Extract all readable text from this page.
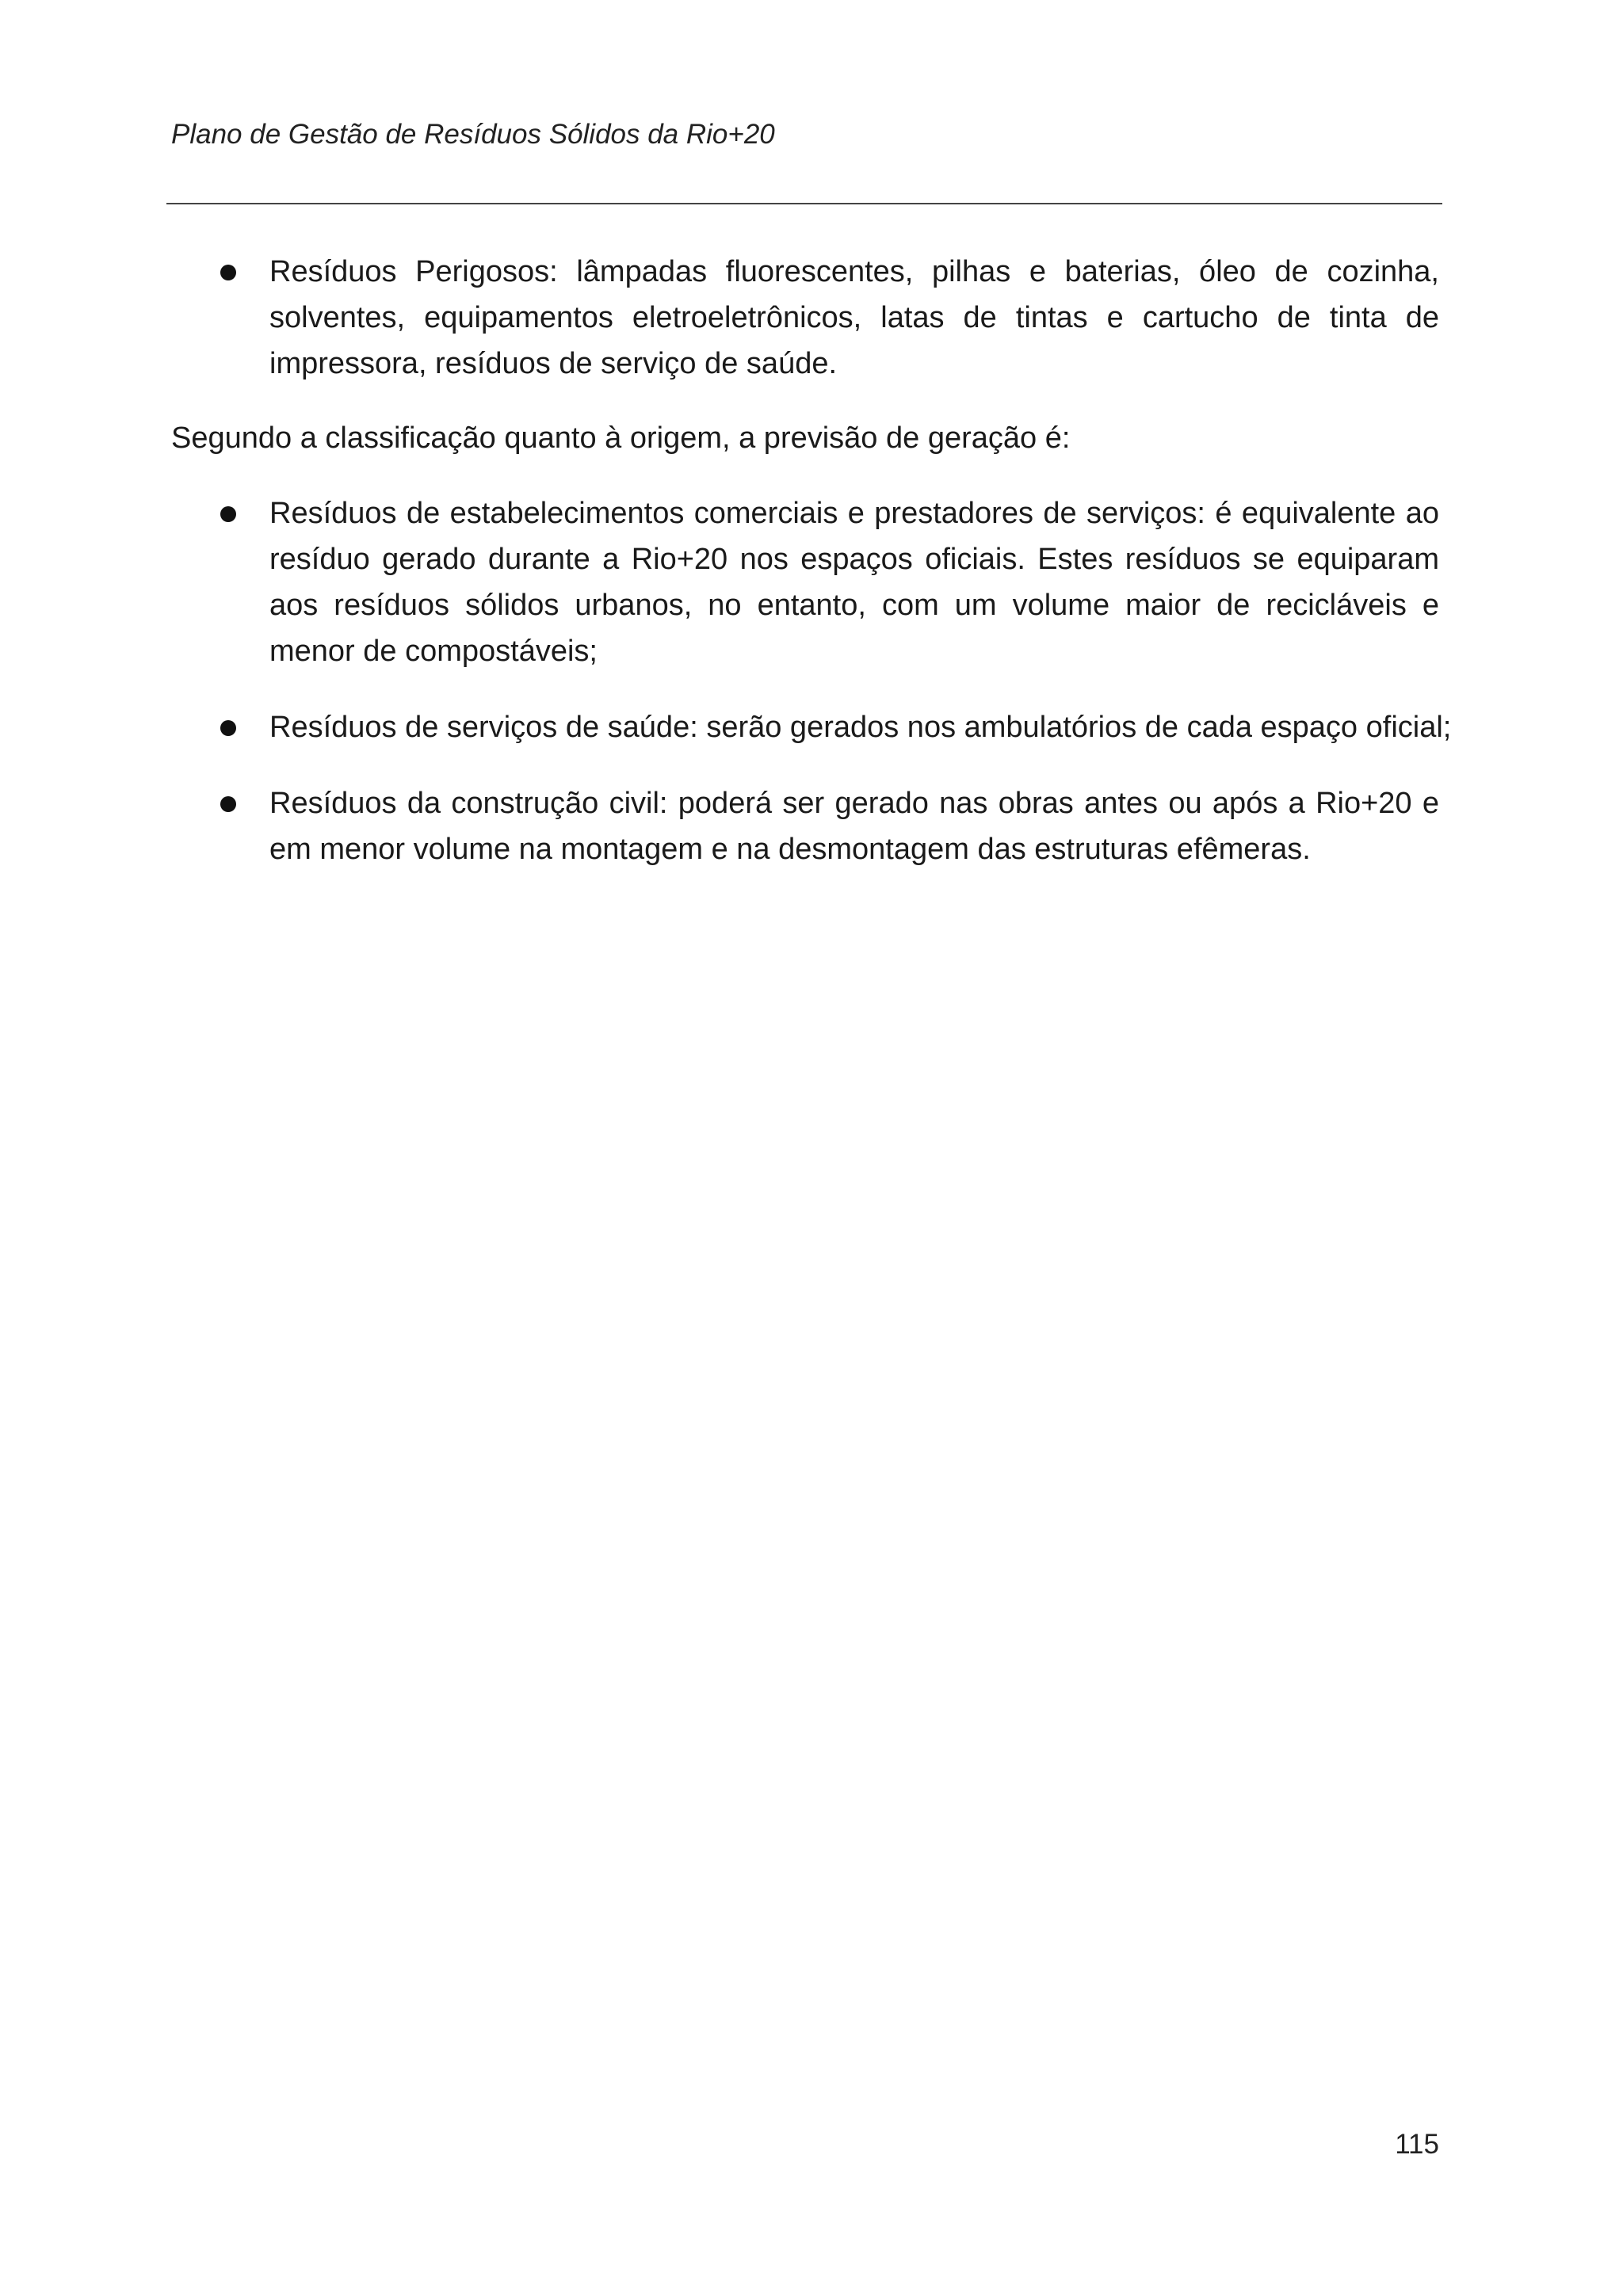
Plano de Gestão de Resíduos Sólidos da Rio+20
Resíduos Perigosos: lâmpadas fluorescentes, pilhas e baterias, óleo de cozinha, solventes, equipamentos eletroeletrônicos, latas de tintas e cartucho de tinta de impressora, resíduos de serviço de saúde.
Segundo a classificação quanto à origem, a previsão de geração é:
Resíduos de estabelecimentos comerciais e prestadores de serviços: é equivalente ao resíduo gerado durante a Rio+20 nos espaços oficiais. Estes resíduos se equiparam aos resíduos sólidos urbanos, no entanto, com um volume maior de recicláveis e menor de compostáveis;
Resíduos de serviços de saúde: serão gerados nos ambulatórios de cada espaço oficial;
Resíduos da construção civil: poderá ser gerado nas obras antes ou após a Rio+20 e em menor volume na montagem e na desmontagem das estruturas efêmeras.
115
